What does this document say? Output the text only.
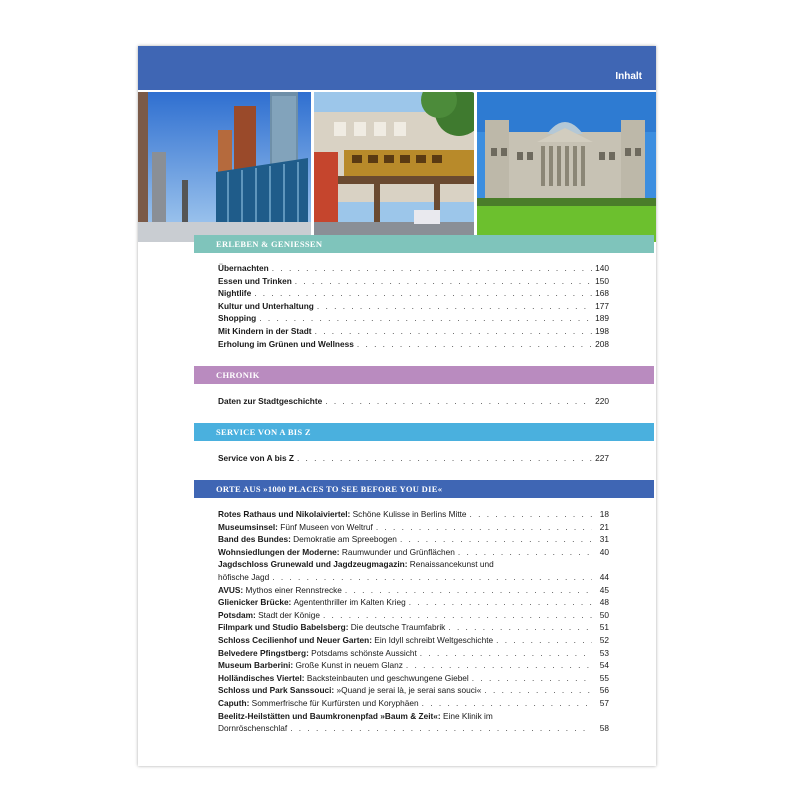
Inhalt
ERLEBEN & GENIESSEN
Übernachten . . .	140
Essen und Trinken . . .	150
Nightlife . . .	168
Kultur und Unterhaltung . . .	177
Shopping . . .	189
Mit Kindern in der Stadt . . .	198
Erholung im Grünen und Wellness . . .	208
CHRONIK
Daten zur Stadtgeschichte . . .	220
SERVICE VON A BIS Z
Service von A bis Z . . .	227
ORTE AUS »1000 PLACES TO SEE BEFORE YOU DIE«
Rotes Rathaus und Nikolaiviertel:
Schöne Kulisse in Berlins Mitte . . .	18
Museumsinsel:
Fünf Museen von Weltruf . . .	21
Band des Bundes:
Demokratie am Spreebogen . . .	31
Wohnsiedlungen der Moderne:
Raumwunder und Grünflächen . . .	40
Jagdschloss Grunewald und Jagdzeugmagazin:
Renaissancekunst und
höfische Jagd . . .	44
AVUS:
Mythos einer Rennstrecke . . .	45
Glienicker Brücke:
Agententhriller im Kalten Krieg . . .	48
Potsdam:
Stadt der Könige . . .	50
Filmpark und Studio Babelsberg:
Die deutsche Traumfabrik . . .	51
Schloss Cecilienhof und Neuer Garten:
Ein Idyll schreibt Weltgeschichte . . .	52
Belvedere Pfingstberg:
Potsdams schönste Aussicht . . .	53
Museum Barberini:
Große Kunst in neuem Glanz . . .	54
Holländisches Viertel:
Backsteinbauten und geschwungene Giebel . . .	55
Schloss und Park Sanssouci:
»Quand je serai là, je serai sans souci« . . .	56
Caputh:
Sommerfrische für Kurfürsten und Koryphäen . . .	57
Beelitz-Heilstätten und Baumkronenpfad »Baum & Zeit«:
Eine Klinik im
Dornröschenschlaf . . .	58
